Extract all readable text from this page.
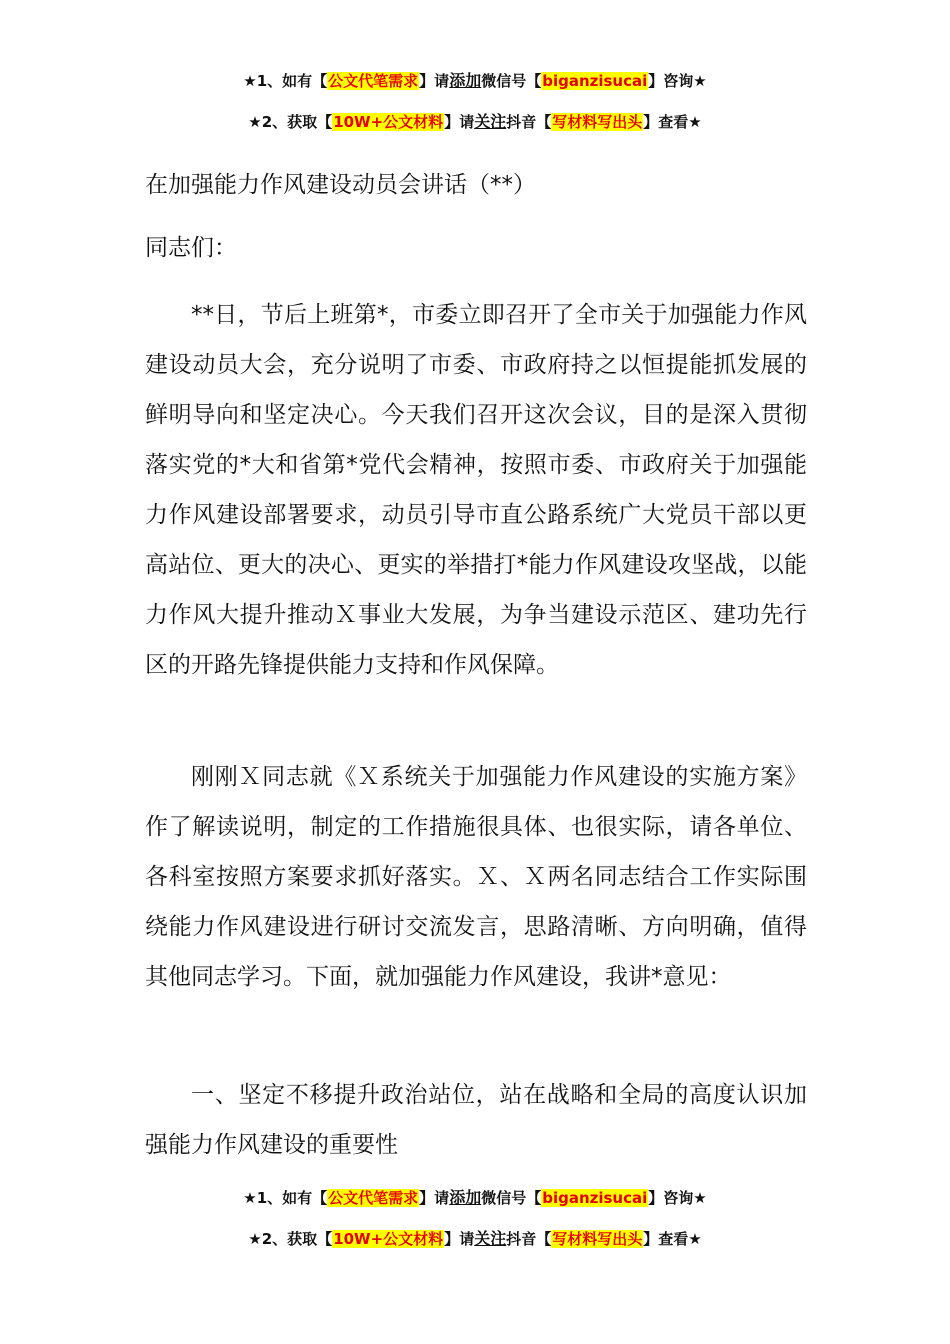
★1、如有【公文代笔需求】请添加微信号【biganzisucai】咨询★
★2、获取【10W+公文材料】请关注抖音【写材料写出头】查看★
在加强能力作风建设动员会讲话（**）
同志们：

**日，节后上班第*，市委立即召开了全市关于加强能力作风建设动员大会，充分说明了市委、市政府持之以恒提能抓发展的鲜明导向和坚定决心。今天我们召开这次会议，目的是深入贯彻落实党的*大和省第*党代会精神，按照市委、市政府关于加强能力作风建设部署要求，动员引导市直公路系统广大党员干部以更高站位、更大的决心、更实的举措打*能力作风建设攻坚战，以能力作风大提升推动Ｘ事业大发展，为争当建设示范区、建功先行区的开路先锋提供能力支持和作风保障。

刚刚Ｘ同志就《Ｘ系统关于加强能力作风建设的实施方案》作了解读说明，制定的工作措施很具体、也很实际，请各单位、各科室按照方案要求抓好落实。Ｘ、Ｘ两名同志结合工作实际围绕能力作风建设进行研讨交流发言，思路清晰、方向明确，值得其他同志学习。下面，就加强能力作风建设，我讲*意见：

一、坚定不移提升政治站位，站在战略和全局的高度认识加强能力作风建设的重要性

★1、如有【公文代笔需求】请添加微信号【biganzisucai】咨询★
★2、获取【10W+公文材料】请关注抖音【写材料写出头】查看★
